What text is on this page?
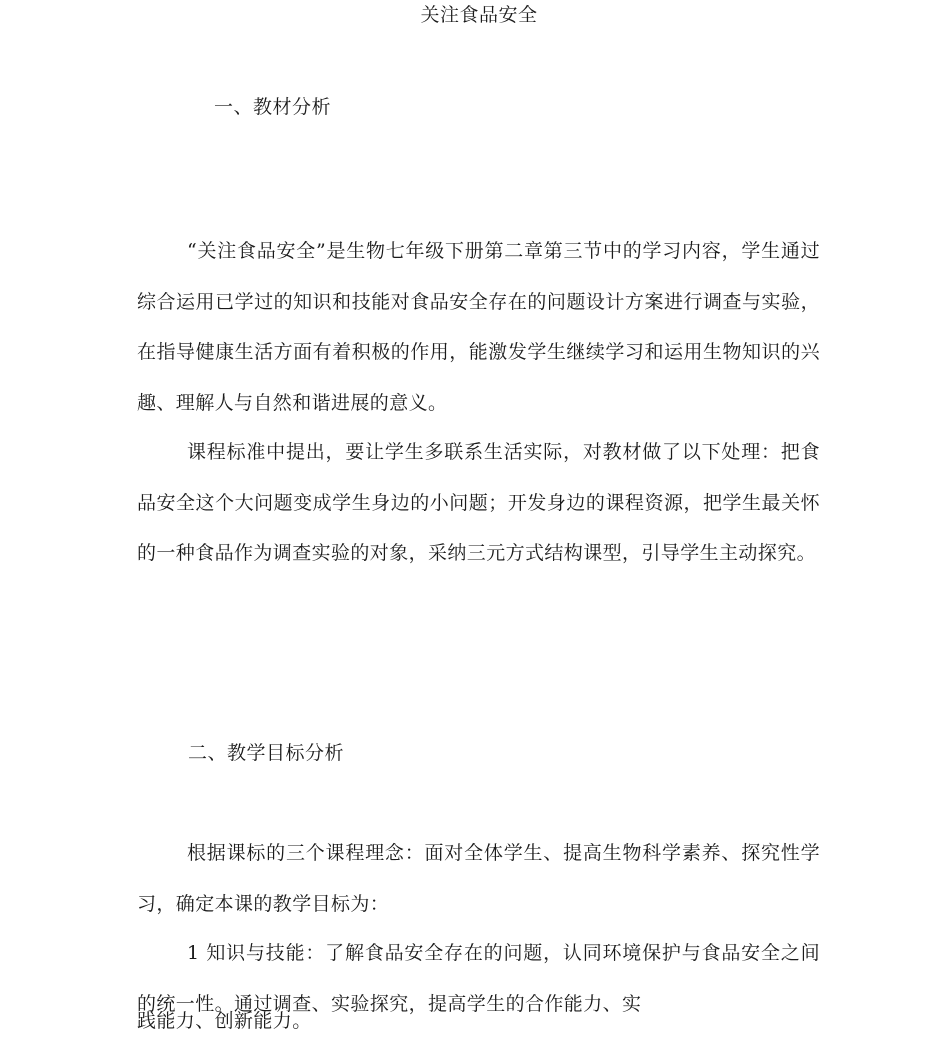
关注食品安全
一、教材分析
“关注食品安全”是生物七年级下册第二章第三节中的学习内容，学生通过综合运用已学过的知识和技能对食品安全存在的问题设计方案进行调查与实验，在指导健康生活方面有着积极的作用，能激发学生继续学习和运用生物知识的兴趣、理解人与自然和谐进展的意义。
课程标准中提出，要让学生多联系生活实际，对教材做了以下处理：把食品安全这个大问题变成学生身边的小问题；开发身边的课程资源，把学生最关怀的一种食品作为调查实验的对象，采纳三元方式结构课型，引导学生主动探究。
二、教学目标分析
根据课标的三个课程理念：面对全体学生、提高生物科学素养、探究性学习，确定本课的教学目标为：
1 知识与技能：了解食品安全存在的问题，认同环境保护与食品安全之间的统一性。通过调查、实验探究，提高学生的合作能力、实
践能力、创新能力。
